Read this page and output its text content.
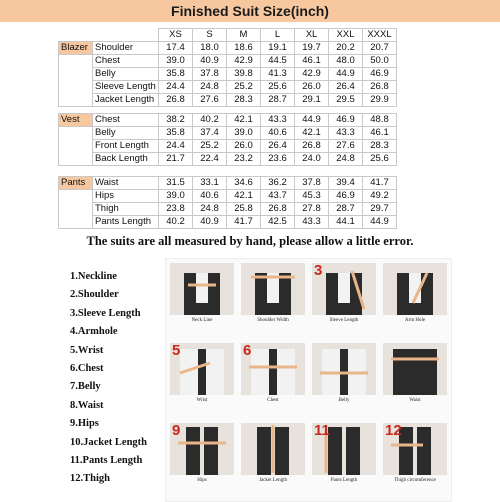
Finished Suit Size(inch)
		XS	S	M	L	XL	XXL	XXXL
Blazer	Shoulder	17.4	18.0	18.6	19.1	19.7	20.2	20.7
	Chest	39.0	40.9	42.9	44.5	46.1	48.0	50.0
	Belly	35.8	37.8	39.8	41.3	42.9	44.9	46.9
	Sleeve Length	24.4	24.8	25.2	25.6	26.0	26.4	26.8
	Jacket Length	26.8	27.6	28.3	28.7	29.1	29.5	29.9
Vest	Chest	38.2	40.2	42.1	43.3	44.9	46.9	48.8
	Belly	35.8	37.4	39.0	40.6	42.1	43.3	46.1
	Front Length	24.4	25.2	26.0	26.4	26.8	27.6	28.3
	Back Length	21.7	22.4	23.2	23.6	24.0	24.8	25.6
Pants	Waist	31.5	33.1	34.6	36.2	37.8	39.4	41.7
	Hips	39.0	40.6	42.1	43.7	45.3	46.9	49.2
	Thigh	23.8	24.8	25.8	26.8	27.8	28.7	29.7
	Pants Length	40.2	40.9	41.7	42.5	43.3	44.1	44.9
The suits are all measured by hand, please allow a little error.
1.Neckline
2.Shoulder
3.Sleeve Length
4.Armhole
5.Wrist
6.Chest
7.Belly
8.Waist
9.Hips
10.Jacket Length
11.Pants Length
12.Thigh
Neck Line	Shoulder Width
3
Sleeve Length	Arm Hole
5
Wrist
6
Chest	Belly	Waist
9
Hips	Jacket Length
11
Pants Length
12
Thigh circumference
